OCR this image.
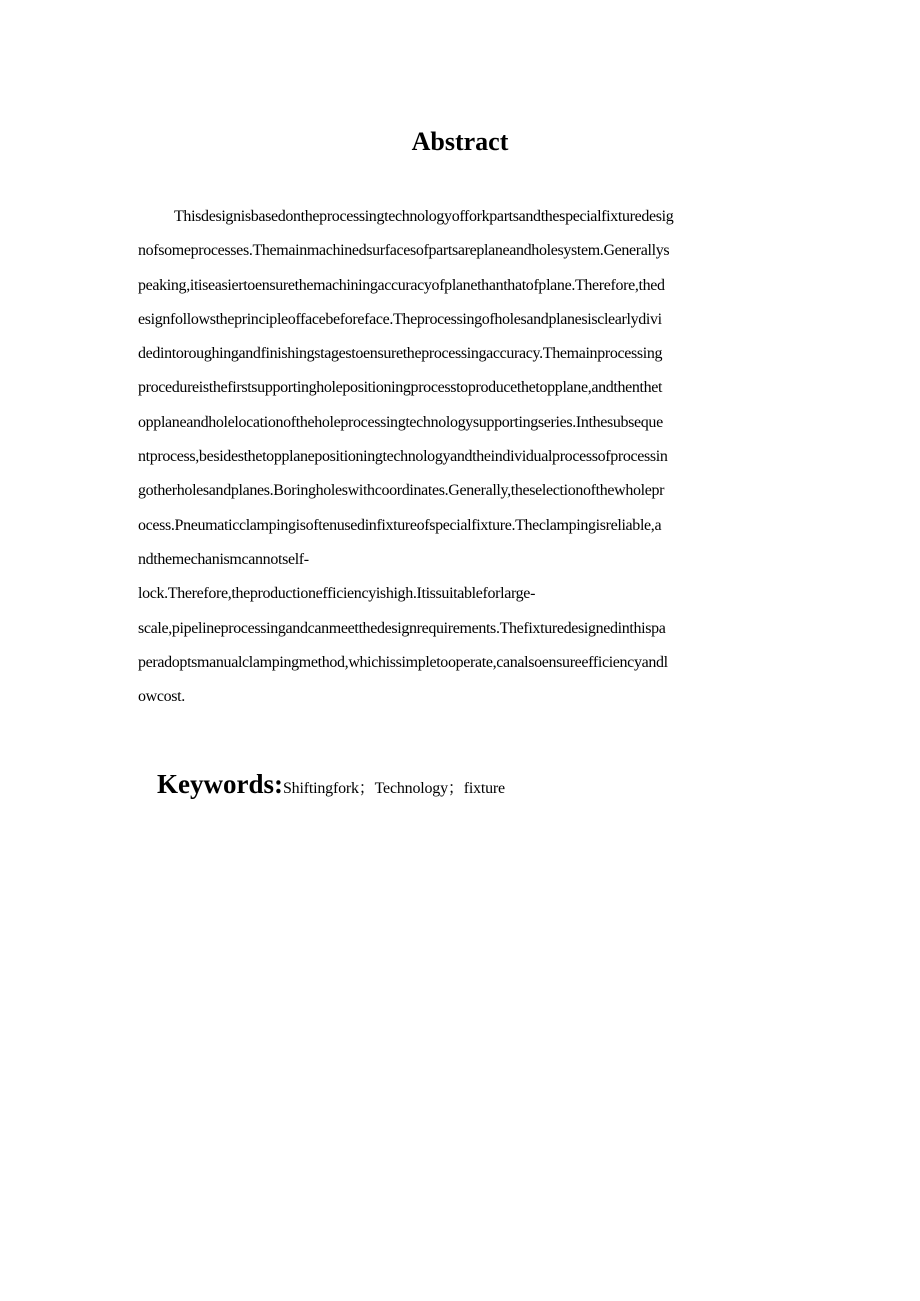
Abstract
Thisdesignisbasedontheprocessingtechnologyofforkpartsandthespecialfixturedesig
nofsomeprocesses.Themainmachinedsurfacesofpartsareplaneandholesystem.Generallys
peaking,itiseasiertoensurethemachiningaccuracyofplanethanthatofplane.Therefore,thed
esignfollowstheprincipleoffacebeforeface.Theprocessingofholesandplanesisclearlydivi
dedintoroughingandfinishingstagestoensuretheprocessingaccuracy.Themainprocessing
procedureisthefirstsupportingholepositioningprocesstoproducethetopplane,andthenthet
opplaneandholelocationoftheholeprocessingtechnologysupportingseries.Inthesubseque
ntprocess,besidesthetopplanepositioningtechnologyandtheindividualprocessofprocessin
gotherholesandplanes.Boringholeswithcoordinates.Generally,theselectionofthewholepr
ocess.Pneumaticclampingisoftenusedinfixtureofspecialfixture.Theclampingisreliable,a
ndthemechanismcannotself-
lock.Therefore,theproductionefficiencyishigh.Itissuitableforlarge-
scale,pipelineprocessingandcanmeetthedesignrequirements.Thefixturedesignedinthispa
peradoptsmanualclampingmethod,whichissimpletooperate,canalsoensureefficiencyandl
owcost.

Keywords:Shiftingfork；Technology；fixture
